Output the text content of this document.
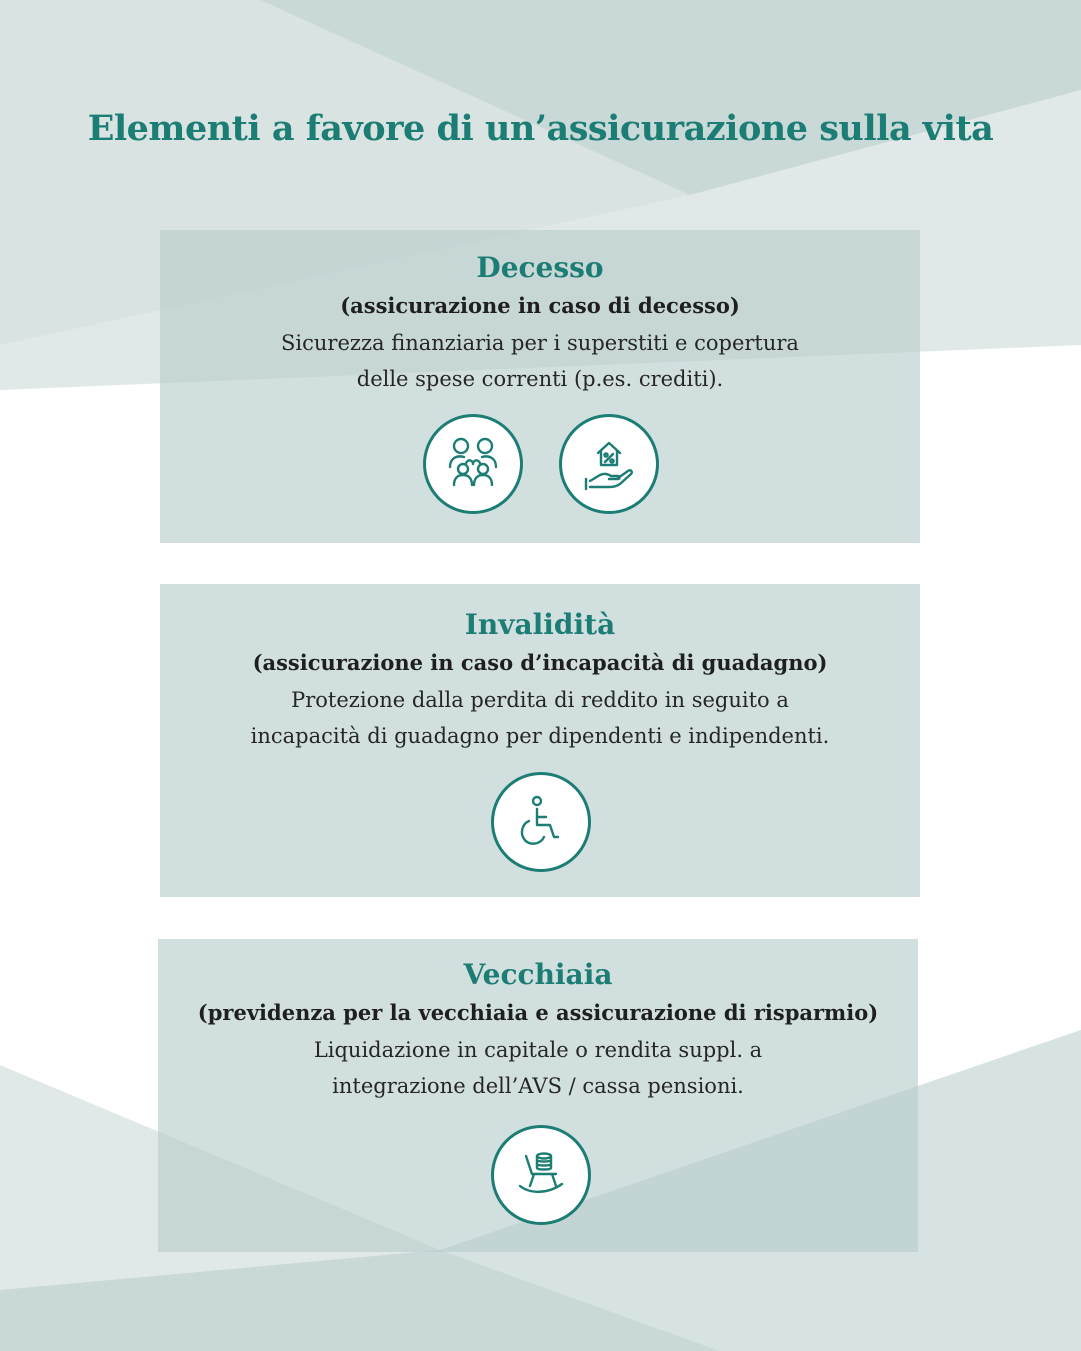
Elementi a favore di un’assicurazione sulla vita

Decesso

(assicurazione in caso di decesso)

Sicurezza finanziaria per i superstiti e copertura

delle spese correnti (p.es. crediti).

Invalidità

(assicurazione in caso d’incapacità di guadagno)

Protezione dalla perdita di reddito in seguito a

incapacità di guadagno per dipendenti e indipendenti.

Vecchiaia

(previdenza per la vecchiaia e assicurazione di risparmio)

Liquidazione in capitale o rendita suppl. a

integrazione dell’AVS / cassa pensioni.
